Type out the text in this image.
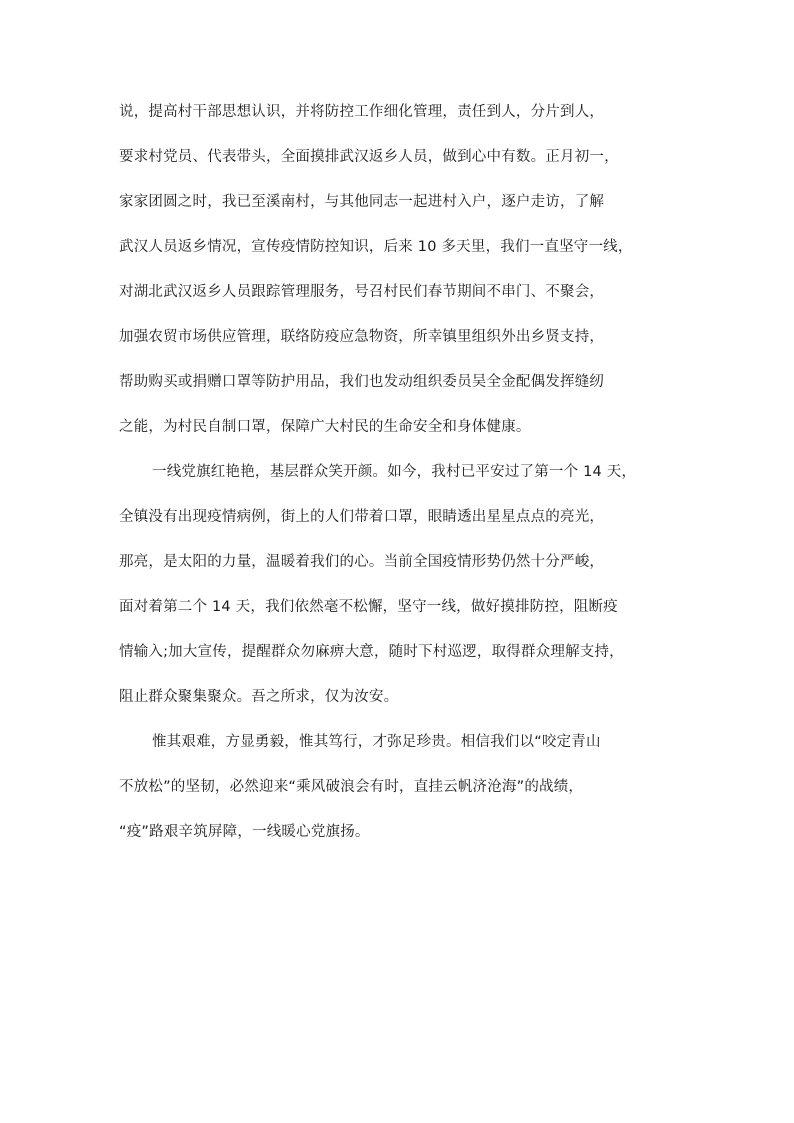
说，提高村干部思想认识，并将防控工作细化管理，责任到人，分片到人，
要求村党员、代表带头，全面摸排武汉返乡人员，做到心中有数。正月初一，
家家团圆之时，我已至溪南村，与其他同志一起进村入户，逐户走访，了解
武汉人员返乡情况，宣传疫情防控知识，后来 10 多天里，我们一直坚守一线，
对湖北武汉返乡人员跟踪管理服务，号召村民们春节期间不串门、不聚会，
加强农贸市场供应管理，联络防疫应急物资，所幸镇里组织外出乡贤支持，
帮助购买或捐赠口罩等防护用品，我们也发动组织委员吴全金配偶发挥缝纫
之能，为村民自制口罩，保障广大村民的生命安全和身体健康。
一线党旗红艳艳，基层群众笑开颜。如今，我村已平安过了第一个 14 天，
全镇没有出现疫情病例，街上的人们带着口罩，眼睛透出星星点点的亮光，
那亮，是太阳的力量，温暖着我们的心。当前全国疫情形势仍然十分严峻，
面对着第二个 14 天，我们依然毫不松懈，坚守一线，做好摸排防控，阻断疫
情输入;加大宣传，提醒群众勿麻痹大意，随时下村巡逻，取得群众理解支持，
阻止群众聚集聚众。吾之所求，仅为汝安。
惟其艰难，方显勇毅，惟其笃行，才弥足珍贵。相信我们以“咬定青山
不放松”的坚韧，必然迎来“乘风破浪会有时，直挂云帆济沧海”的战绩，
“疫”路艰辛筑屏障，一线暖心党旗扬。
